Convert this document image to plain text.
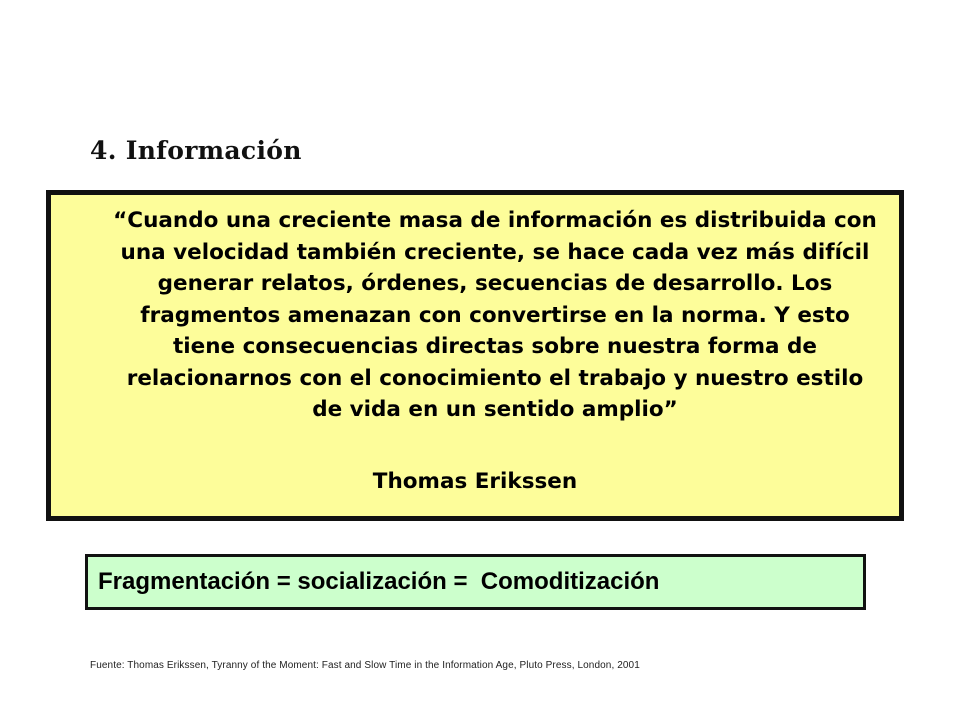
4. Información
“Cuando una creciente masa de información es distribuida con una velocidad también creciente, se hace cada vez más difícil generar relatos, órdenes, secuencias de desarrollo. Los fragmentos amenazan con convertirse en la norma. Y esto tiene consecuencias directas sobre nuestra forma de relacionarnos con el conocimiento el trabajo y nuestro estilo de vida en un sentido amplio”
Thomas Erikssen
Fragmentación = socialización =  Comoditización
Fuente: Thomas Erikssen, Tyranny of the Moment: Fast and Slow Time in the Information Age, Pluto Press, London, 2001
